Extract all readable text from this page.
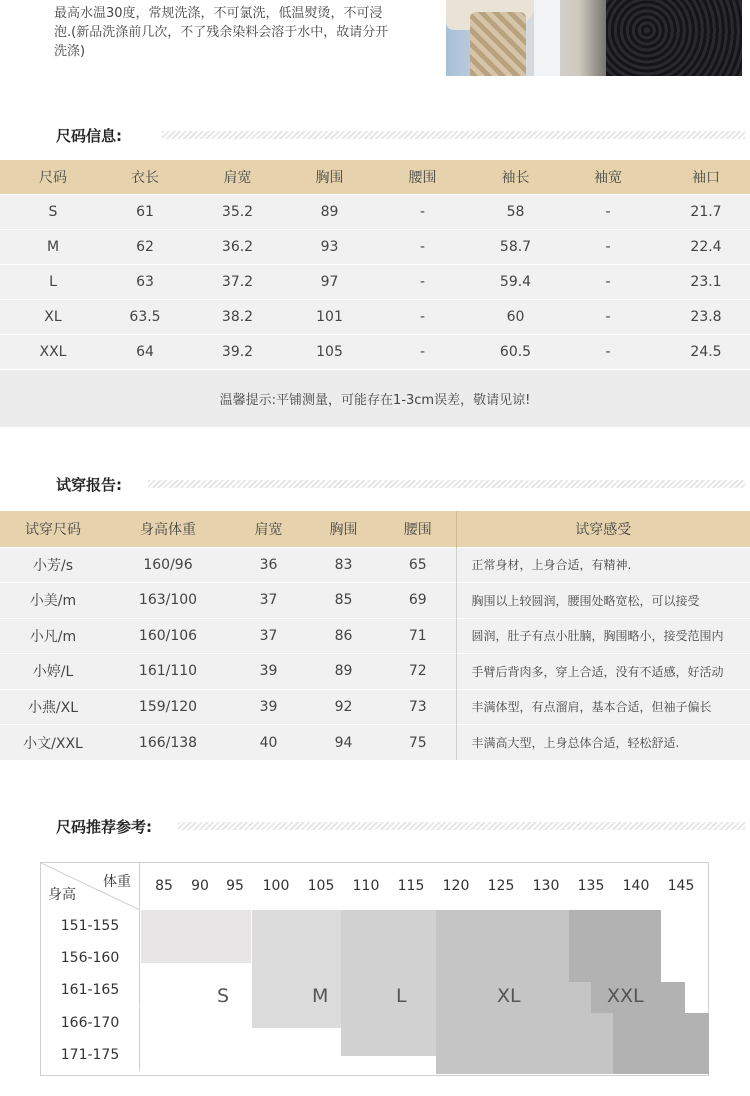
最高水温30度，常规洗涤，不可氯洗，低温熨烫，不可浸泡.(新品洗涤前几次，不了残余染料会溶于水中，故请分开洗涤)
尺码信息:
尺码	衣长	肩宽	胸围	腰围	袖长	袖宽	袖口
S	61	35.2	89	-	58	-	21.7
M	62	36.2	93	-	58.7	-	22.4
L	63	37.2	97	-	59.4	-	23.1
XL	63.5	38.2	101	-	60	-	23.8
XXL	64	39.2	105	-	60.5	-	24.5
温馨提示:平铺测量，可能存在1-3cm误差，敬请见谅!							
试穿报告:
试穿尺码	身高体重	肩宽	胸围	腰围	试穿感受
小芳/s	160/96	36	83	65	正常身材，上身合适，有精神.
小美/m	163/100	37	85	69	胸围以上较圆润，腰围处略宽松，可以接受
小凡/m	160/106	37	86	71	圆润，肚子有点小肚腩，胸围略小，接受范围内
小婷/L	161/110	39	89	72	手臂后背肉多，穿上合适，没有不适感，好活动
小燕/XL	159/120	39	92	73	丰满体型，有点溜肩，基本合适，但袖子偏长
小文/XXL	166/138	40	94	75	丰满高大型，上身总体合适，轻松舒适.
尺码推荐参考:
体重
身高
85	90	95	100 105 110 115 120 125 130 135 140 145
151-155
156-160
161-165
166-170
171-175
S	M	L	XL	XXL
